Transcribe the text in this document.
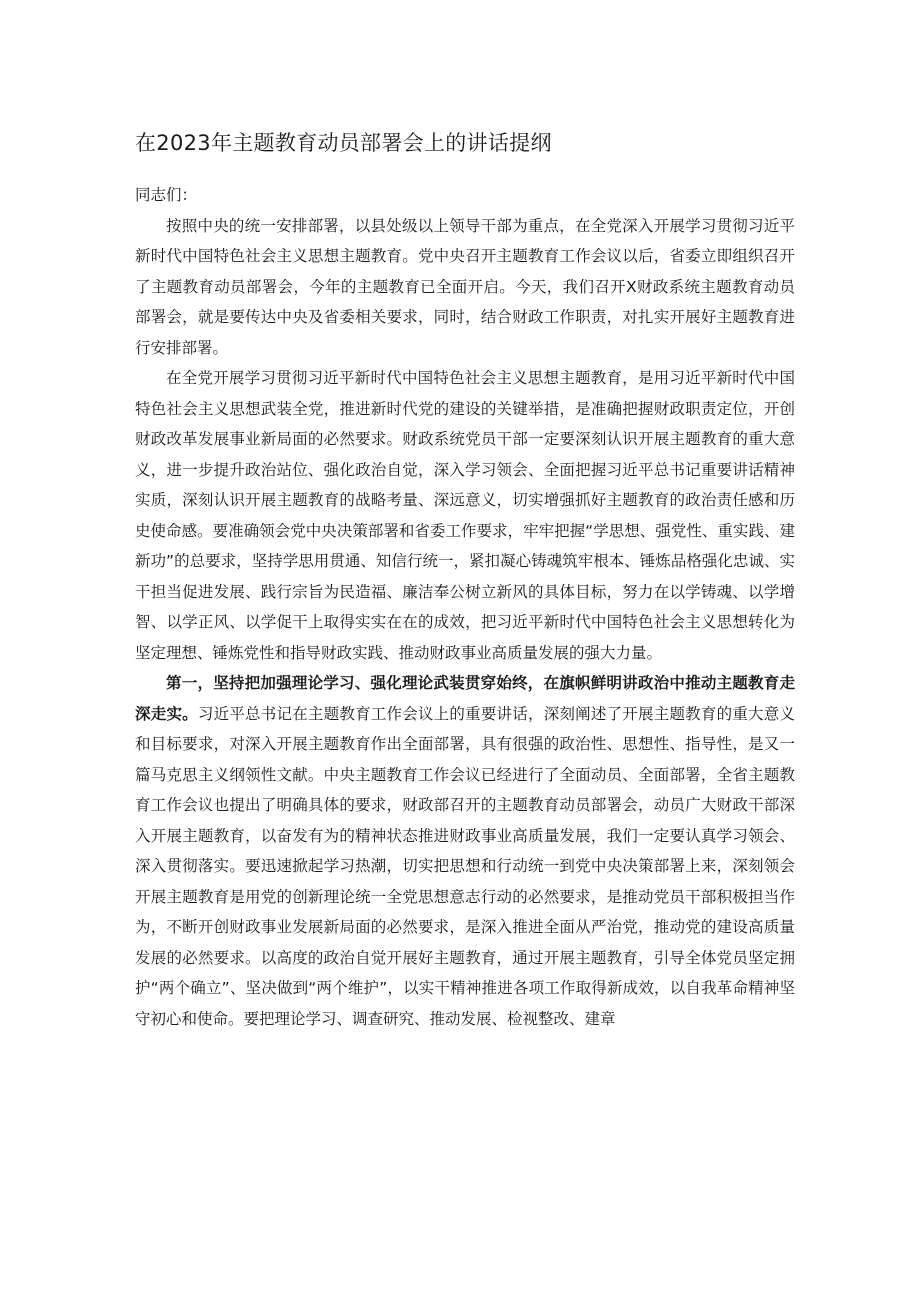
在2023年主题教育动员部署会上的讲话提纲

同志们：

按照中央的统一安排部署，以县处级以上领导干部为重点，在全党深入开展学习贯彻习近平新时代中国特色社会主义思想主题教育。党中央召开主题教育工作会议以后，省委立即组织召开了主题教育动员部署会，今年的主题教育已全面开启。今天，我们召开X财政系统主题教育动员部署会，就是要传达中央及省委相关要求，同时，结合财政工作职责，对扎实开展好主题教育进行安排部署。

在全党开展学习贯彻习近平新时代中国特色社会主义思想主题教育，是用习近平新时代中国特色社会主义思想武装全党，推进新时代党的建设的关键举措，是准确把握财政职责定位，开创财政改革发展事业新局面的必然要求。财政系统党员干部一定要深刻认识开展主题教育的重大意义，进一步提升政治站位、强化政治自觉，深入学习领会、全面把握习近平总书记重要讲话精神实质，深刻认识开展主题教育的战略考量、深远意义，切实增强抓好主题教育的政治责任感和历史使命感。要准确领会党中央决策部署和省委工作要求，牢牢把握“学思想、强党性、重实践、建新功”的总要求，坚持学思用贯通、知信行统一，紧扣凝心铸魂筑牢根本、锤炼品格强化忠诚、实干担当促进发展、践行宗旨为民造福、廉洁奉公树立新风的具体目标，努力在以学铸魂、以学增智、以学正风、以学促干上取得实实在在的成效，把习近平新时代中国特色社会主义思想转化为坚定理想、锤炼党性和指导财政实践、推动财政事业高质量发展的强大力量。

第一，坚持把加强理论学习、强化理论武装贯穿始终，在旗帜鲜明讲政治中推动主题教育走深走实。习近平总书记在主题教育工作会议上的重要讲话，深刻阐述了开展主题教育的重大意义和目标要求，对深入开展主题教育作出全面部署，具有很强的政治性、思想性、指导性，是又一篇马克思主义纲领性文献。中央主题教育工作会议已经进行了全面动员、全面部署，全省主题教育工作会议也提出了明确具体的要求，财政部召开的主题教育动员部署会，动员广大财政干部深入开展主题教育，以奋发有为的精神状态推进财政事业高质量发展，我们一定要认真学习领会、深入贯彻落实。要迅速掀起学习热潮，切实把思想和行动统一到党中央决策部署上来，深刻领会开展主题教育是用党的创新理论统一全党思想意志行动的必然要求，是推动党员干部积极担当作为，不断开创财政事业发展新局面的必然要求，是深入推进全面从严治党，推动党的建设高质量发展的必然要求。以高度的政治自觉开展好主题教育，通过开展主题教育，引导全体党员坚定拥护“两个确立”、坚决做到“两个维护”，以实干精神推进各项工作取得新成效，以自我革命精神坚守初心和使命。要把理论学习、调查研究、推动发展、检视整改、建章
